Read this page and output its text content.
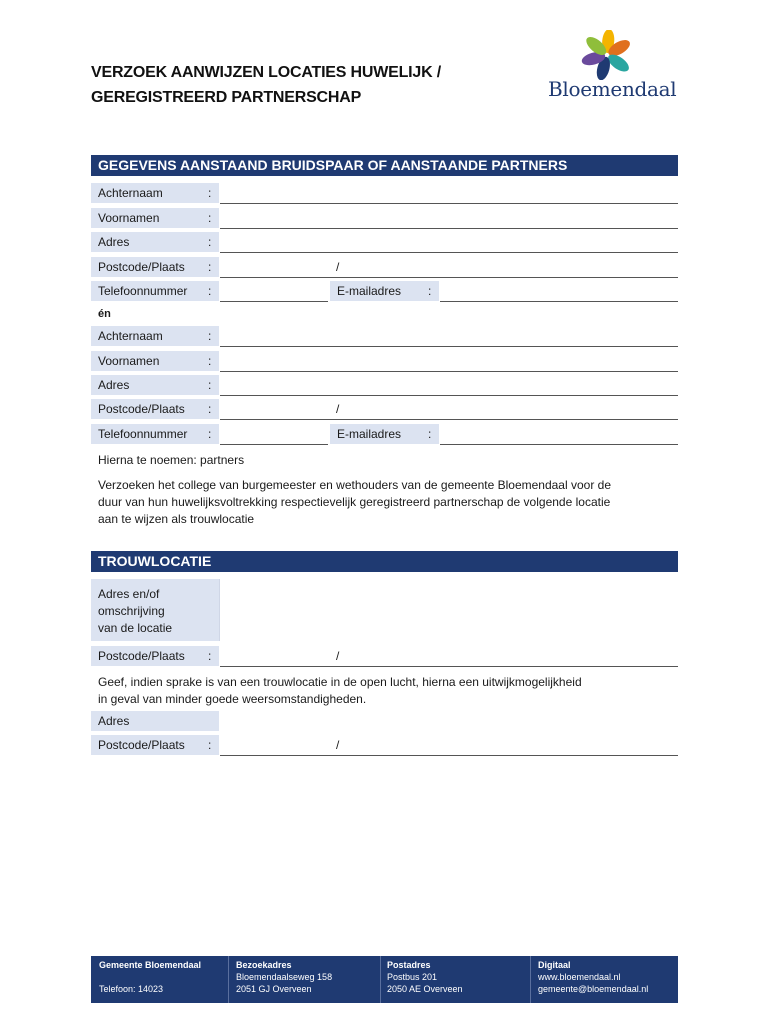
VERZOEK AANWIJZEN LOCATIES HUWELIJK /
GEREGISTREERD PARTNERSCHAP	Bloemendaal
GEGEVENS AANSTAAND BRUIDSPAAR OF AANSTAANDE PARTNERS
Achternaam	:
Voornamen	:
Adres	:
Postcode/Plaats	:	/
Telefoonnummer	:	E-mailadres	:
én
Achternaam	:
Voornamen	:
Adres	:
Postcode/Plaats	:	/
Telefoonnummer	:	E-mailadres	:
Hierna te noemen: partners
Verzoeken het college van burgemeester en wethouders van de gemeente Bloemendaal voor de
duur van hun huwelijksvoltrekking respectievelijk geregistreerd partnerschap de volgende locatie
aan te wijzen als trouwlocatie
TROUWLOCATIE
Adres en/of
omschrijving
van de locatie
Postcode/Plaats	:	/
Geef, indien sprake is van een trouwlocatie in de open lucht, hierna een uitwijkmogelijkheid
in geval van minder goede weersomstandigheden.
Adres
Postcode/Plaats	:	/
Gemeente Bloemendaal
Telefoon: 14023
Bezoekadres
Bloemendaalseweg 158
2051 GJ Overveen
Postadres
Postbus 201
2050 AE Overveen
Digitaal
www.bloemendaal.nl
gemeente@bloemendaal.nl
